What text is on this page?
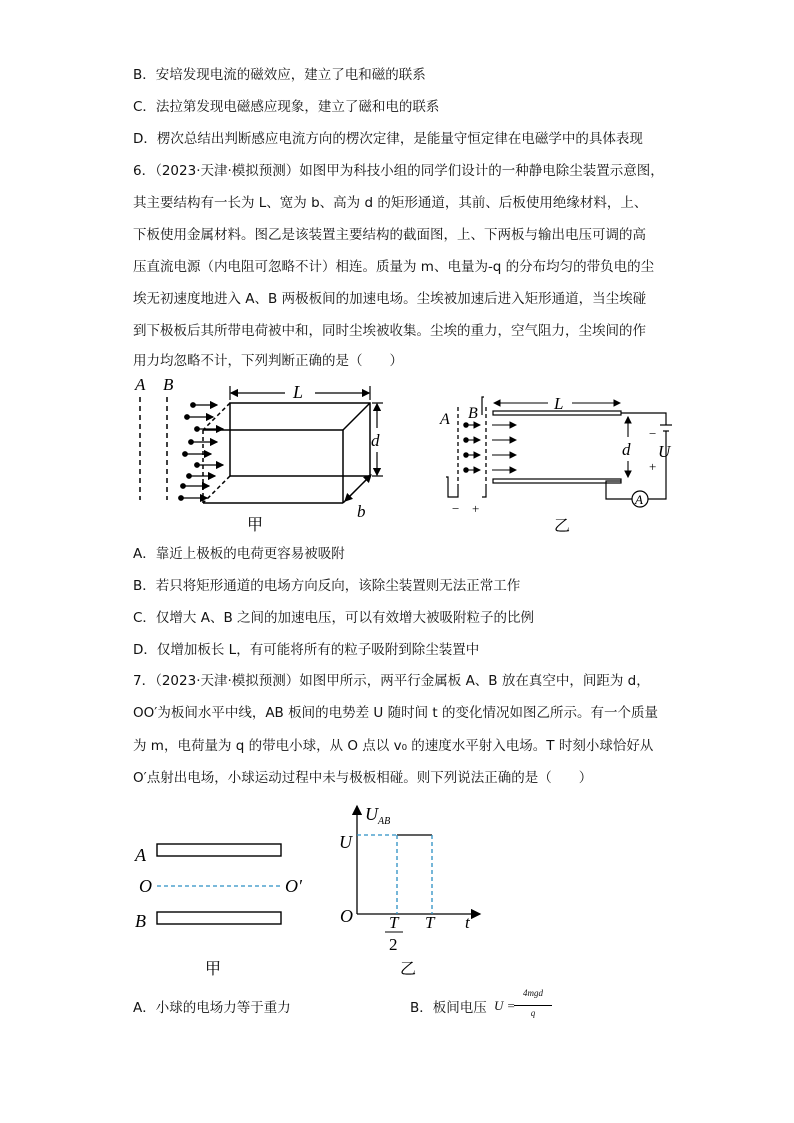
B．安培发现电流的磁效应，建立了电和磁的联系
C．法拉第发现电磁感应现象，建立了磁和电的联系
D．楞次总结出判断感应电流方向的楞次定律，是能量守恒定律在电磁学中的具体表现
6．（2023·天津·模拟预测）如图甲为科技小组的同学们设计的一种静电除尘装置示意图，
其主要结构有一长为 L、宽为 b、高为 d 的矩形通道，其前、后板使用绝缘材料，上、
下板使用金属材料。图乙是该装置主要结构的截面图，上、下两板与输出电压可调的高
压直流电源（内电阻可忽略不计）相连。质量为 m、电量为-q 的分布均匀的带负电的尘
埃无初速度地进入 A、B 两极板间的加速电场。尘埃被加速后进入矩形通道，当尘埃碰
到下极板后其所带电荷被中和，同时尘埃被收集。尘埃的重力，空气阻力，尘埃间的作
用力均忽略不计，下列判断正确的是（　　）
A B	L
d
b
甲
A B
L
d
A
−
U
+
− +
乙
A．靠近上极板的电荷更容易被吸附
B．若只将矩形通道的电场方向反向，该除尘装置则无法正常工作
C．仅增大 A、B 之间的加速电压，可以有效增大被吸附粒子的比例
D．仅增加板长 L，有可能将所有的粒子吸附到除尘装置中
7．（2023·天津·模拟预测）如图甲所示，两平行金属板 A、B 放在真空中，间距为 d，
OO′为板间水平中线，AB 板间的电势差 U 随时间 t 的变化情况如图乙所示。有一个质量
为 m，电荷量为 q 的带电小球，从 O 点以 v₀ 的速度水平射入电场。T 时刻小球恰好从
O′点射出电场，小球运动过程中未与极板相碰。则下列说法正确的是（　　）
A
O	O′
B
甲
$U_{AB}$
U
O T
2
T t
乙
A．小球的电场力等于重力	B．板间电压 U =
4mgd
q
